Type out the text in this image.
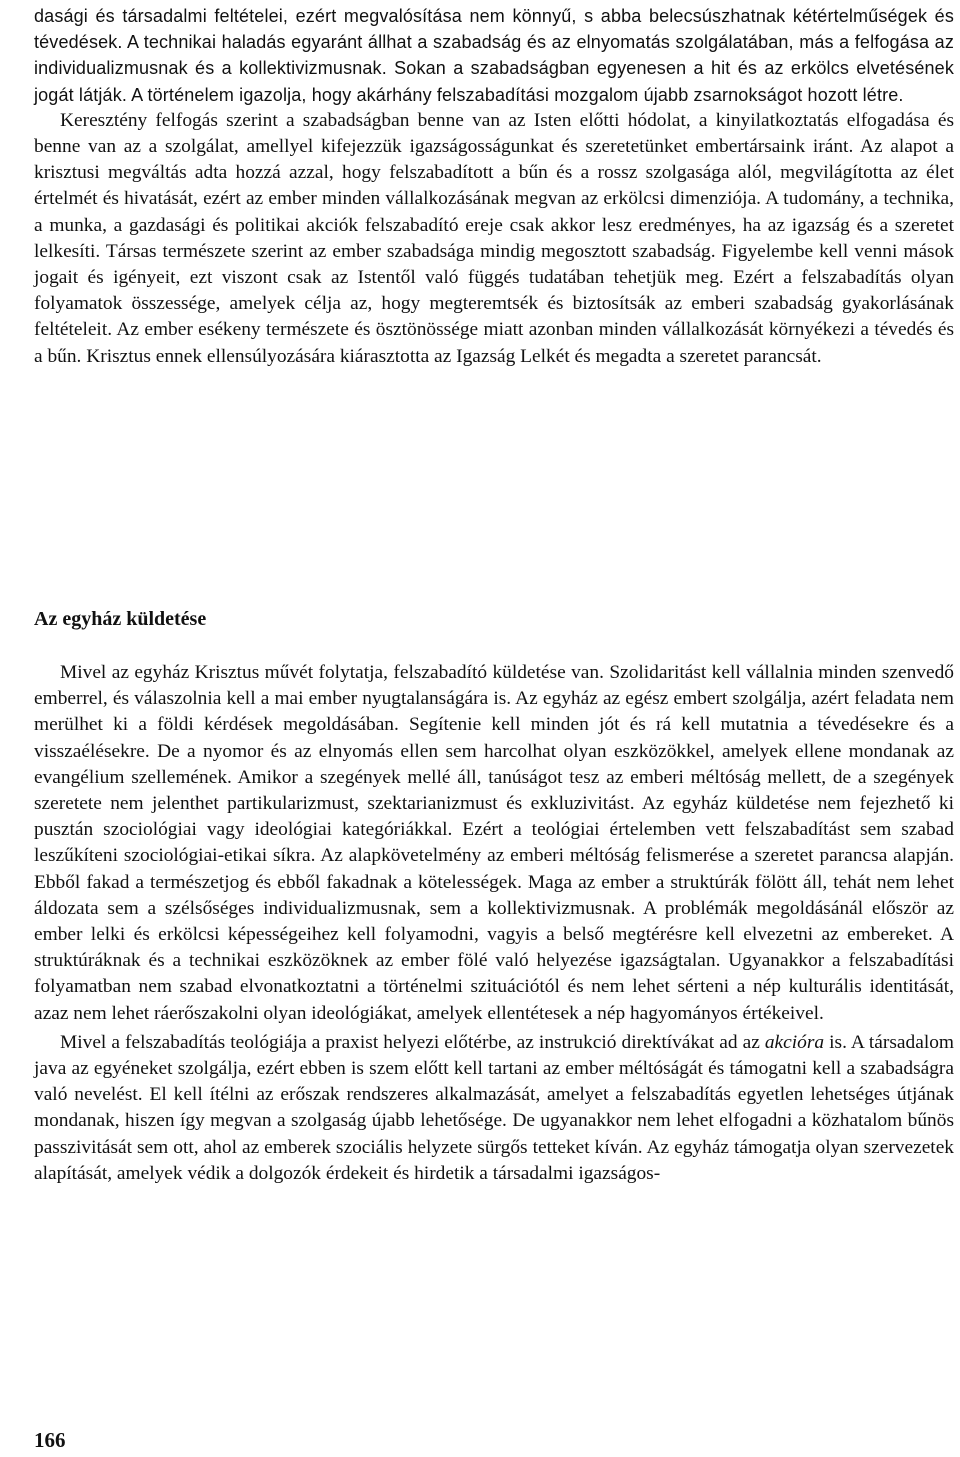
dasági és társadalmi feltételei, ezért megvalósítása nem könnyű, s abba belecsúszhatnak kétértelműségek és tévedések. A technikai haladás egyaránt állhat a szabadság és az elnyomatás szolgálatában, más a felfogása az individualizmusnak és a kollektivizmusnak. Sokan a szabadságban egyenesen a hit és az erkölcs elvetésének jogát látják. A történelem igazolja, hogy akárhány felszabadítási mozgalom újabb zsarnokságot hozott létre.

Keresztény felfogás szerint a szabadságban benne van az Isten előtti hódolat, a kinyilatkoztatás elfogadása és benne van az a szolgálat, amellyel kifejezzük igazságosságunkat és szeretetünket embertársaink iránt. Az alapot a krisztusi megváltás adta hozzá azzal, hogy felszabadított a bűn és a rossz szolgasága alól, megvilágította az élet értelmét és hivatását, ezért az ember minden vállalkozásának megvan az erkölcsi dimenziója. A tudomány, a technika, a munka, a gazdasági és politikai akciók felszabadító ereje csak akkor lesz eredményes, ha az igazság és a szeretet lelkesíti. Társas természete szerint az ember szabadsága mindig megosztott szabadság. Figyelembe kell venni mások jogait és igényeit, ezt viszont csak az Istentől való függés tudatában tehetjük meg. Ezért a felszabadítás olyan folyamatok összessége, amelyek célja az, hogy megteremtsék és biztosítsák az emberi szabadság gyakorlásának feltételeit. Az ember esékeny természete és ösztönössége miatt azonban minden vállalkozását környékezi a tévedés és a bűn. Krisztus ennek ellensúlyozására kiárasztotta az Igazság Lelkét és megadta a szeretet parancsát.

Az egyház küldetése

Mivel az egyház Krisztus művét folytatja, felszabadító küldetése van. Szolidaritást kell vállalnia minden szenvedő emberrel, és válaszolnia kell a mai ember nyugtalanságára is. Az egyház az egész embert szolgálja, azért feladata nem merülhet ki a földi kérdések megoldásában. Segítenie kell minden jót és rá kell mutatnia a tévedésekre és a visszaélésekre. De a nyomor és az elnyomás ellen sem harcolhat olyan eszközökkel, amelyek ellene mondanak az evangélium szellemének. Amikor a szegények mellé áll, tanúságot tesz az emberi méltóság mellett, de a szegények szeretete nem jelenthet partikularizmust, szektarianizmust és exkluzivitást. Az egyház küldetése nem fejezhető ki pusztán szociológiai vagy ideológiai kategóriákkal. Ezért a teológiai értelemben vett felszabadítást sem szabad leszűkíteni szociológiai-etikai síkra. Az alapkövetelmény az emberi méltóság felismerése a szeretet parancsa alapján. Ebből fakad a természetjog és ebből fakadnak a kötelességek. Maga az ember a struktúrák fölött áll, tehát nem lehet áldozata sem a szélsőséges individualizmusnak, sem a kollektivizmusnak. A problémák megoldásánál először az ember lelki és erkölcsi képességeihez kell folyamodni, vagyis a belső megtérésre kell elvezetni az embereket. A struktúráknak és a technikai eszközöknek az ember fölé való helyezése igazságtalan. Ugyanakkor a felszabadítási folyamatban nem szabad elvonatkoztatni a történelmi szituációtól és nem lehet sérteni a nép kulturális identitását, azaz nem lehet ráerőszakolni olyan ideológiákat, amelyek ellentétesek a nép hagyományos értékeivel.

Mivel a felszabadítás teológiája a praxist helyezi előtérbe, az instrukció direktívákat ad az akcióra is. A társadalom java az egyéneket szolgálja, ezért ebben is szem előtt kell tartani az ember méltóságát és támogatni kell a szabadságra való nevelést. El kell ítélni az erőszak rendszeres alkalmazását, amelyet a felszabadítás egyetlen lehetséges útjának mondanak, hiszen így megvan a szolgaság újabb lehetősége. De ugyanakkor nem lehet elfogadni a közhatalom bűnös passzivitását sem ott, ahol az emberek szociális helyzete sürgős tetteket kíván. Az egyház támogatja olyan szervezetek alapítását, amelyek védik a dolgozók érdekeit és hirdetik a társadalmi igazságos-

166
